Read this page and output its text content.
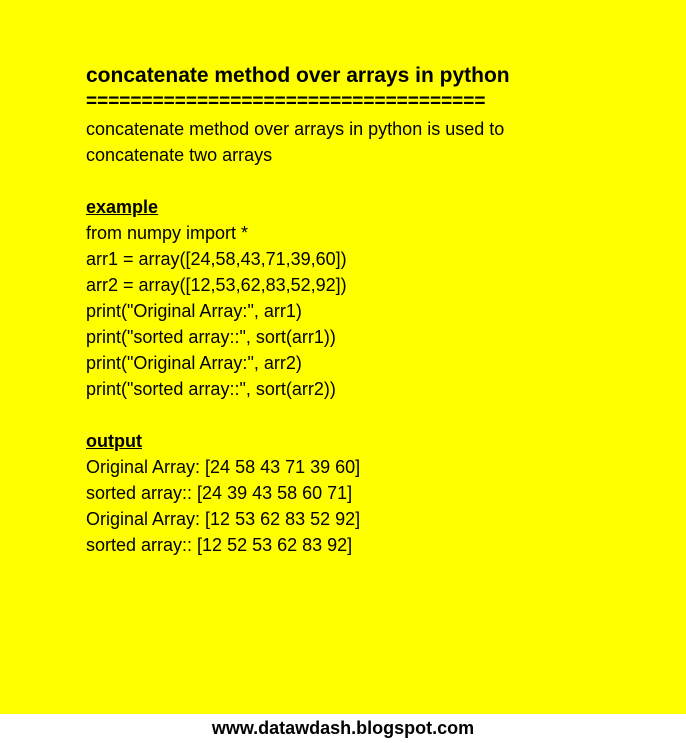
concatenate method over arrays in python
====================================
concatenate method over arrays in python is used to
concatenate two arrays
example
from numpy import *
arr1 = array([24,58,43,71,39,60])
arr2 = array([12,53,62,83,52,92])
print("Original Array:", arr1)
print("sorted array::", sort(arr1))
print("Original Array:", arr2)
print("sorted array::", sort(arr2))
output
Original Array: [24 58 43 71 39 60]
sorted array:: [24 39 43 58 60 71]
Original Array: [12 53 62 83 52 92]
sorted array:: [12 52 53 62 83 92]
www.datawdash.blogspot.com
